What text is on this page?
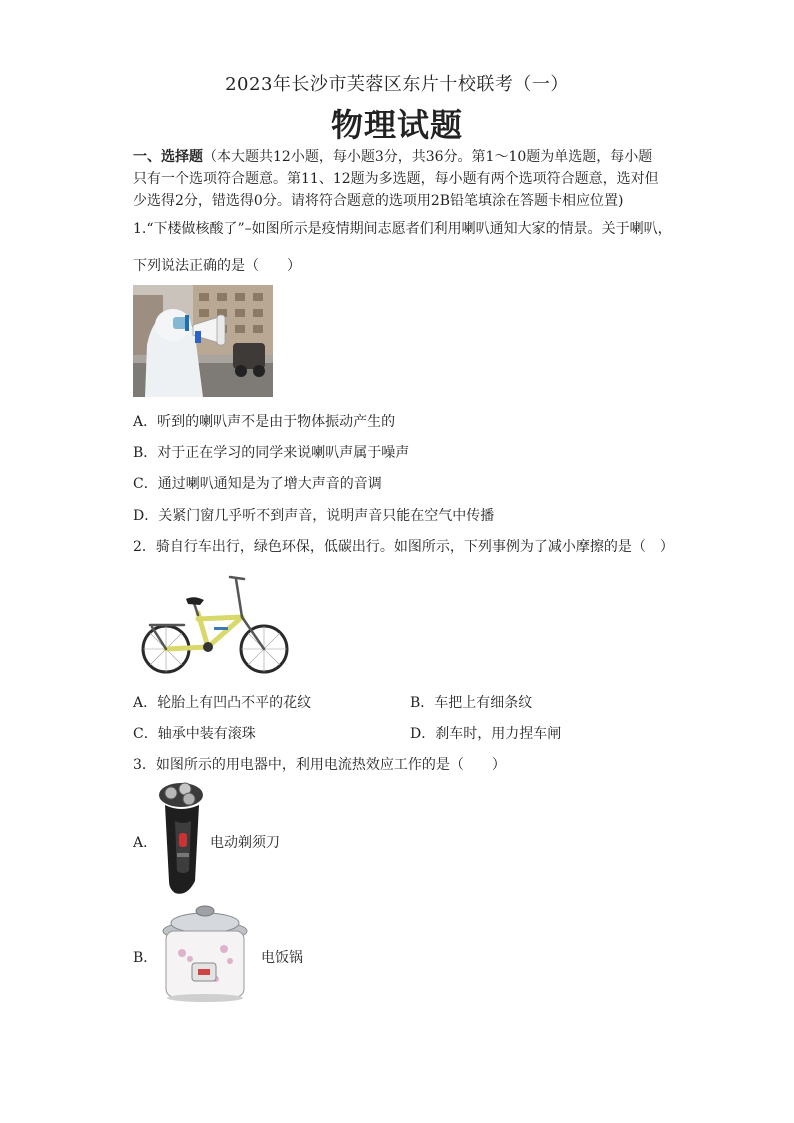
2023年长沙市芙蓉区东片十校联考（一）
物理试题
一、选择题（本大题共12小题，每小题3分，共36分。第1～10题为单选题，每小题
只有一个选项符合题意。第11、12题为多选题，每小题有两个选项符合题意，选对但
少选得2分，错选得0分。请将符合题意的选项用2B铅笔填涂在答题卡相应位置)
1.“下楼做核酸了”–如图所示是疫情期间志愿者们利用喇叭通知大家的情景。关于喇叭，
下列说法正确的是（　　）
A．听到的喇叭声不是由于物体振动产生的
B．对于正在学习的同学来说喇叭声属于噪声
C．通过喇叭通知是为了增大声音的音调
D．关紧门窗几乎听不到声音，说明声音只能在空气中传播
2．骑自行车出行，绿色环保，低碳出行。如图所示，下列事例为了减小摩擦的是（　）
A．轮胎上有凹凸不平的花纹	B．车把上有细条纹
C．轴承中装有滚珠	D．刹车时，用力捏车闸
3．如图所示的用电器中，利用电流热效应工作的是（　　）
A．	电动剃须刀
B．	电饭锅
